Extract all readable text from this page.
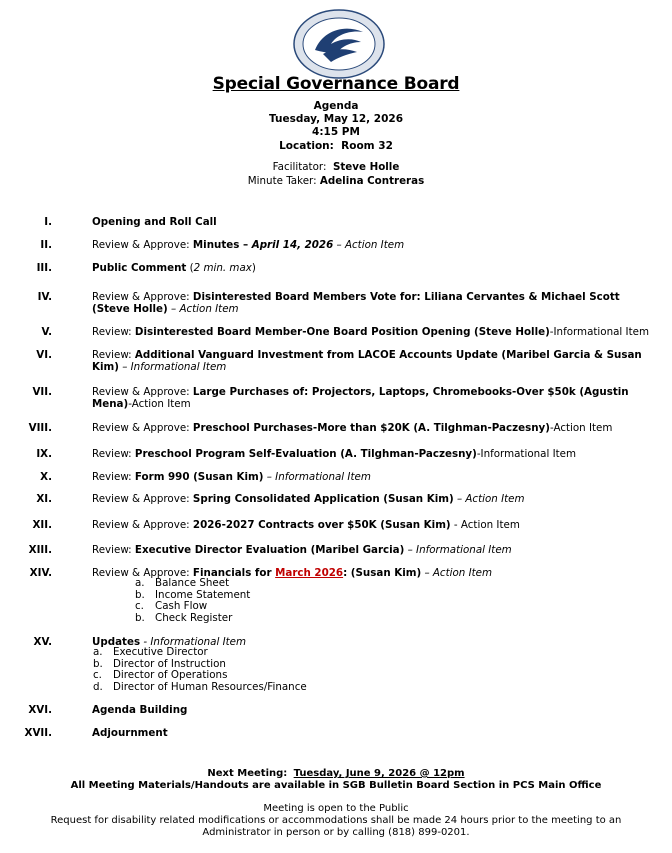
Special Governance Board
Agenda
Tuesday, May 12, 2026
4:15 PM
Location: Room 32
Facilitator: Steve Holle
Minute Taker: Adelina Contreras
I.	Opening and Roll Call
II.	Review & Approve: Minutes – April 14, 2026 – Action Item
III.	Public Comment (2 min. max)
IV.	Review & Approve: Disinterested Board Members Vote for: Liliana Cervantes & Michael Scott (Steve Holle) – Action Item
V.	Review: Disinterested Board Member-One Board Position Opening (Steve Holle)-Informational Item
VI.	Review: Additional Vanguard Investment from LACOE Accounts Update (Maribel Garcia & Susan Kim) – Informational Item
VII.	Review & Approve: Large Purchases of: Projectors, Laptops, Chromebooks-Over $50k (Agustin Mena)-Action Item
VIII.	Review & Approve: Preschool Purchases-More than $20K (A. Tilghman-Paczesny)-Action Item
IX.	Review: Preschool Program Self-Evaluation (A. Tilghman-Paczesny)-Informational Item
X.	Review: Form 990 (Susan Kim) – Informational Item
XI.	Review & Approve: Spring Consolidated Application (Susan Kim) – Action Item
XII.	Review & Approve: 2026-2027 Contracts over $50K (Susan Kim) - Action Item
XIII.	Review: Executive Director Evaluation (Maribel Garcia) – Informational Item
XIV.	Review & Approve: Financials for March 2026: (Susan Kim) – Action Item
a. Balance Sheet
b. Income Statement
c. Cash Flow
b. Check Register
XV.	Updates - Informational Item
a. Executive Director
b. Director of Instruction
c. Director of Operations
d. Director of Human Resources/Finance
XVI.	Agenda Building
XVII.	Adjournment
Next Meeting: Tuesday, June 9, 2026 @ 12pm
All Meeting Materials/Handouts are available in SGB Bulletin Board Section in PCS Main Office
Meeting is open to the Public
Request for disability related modifications or accommodations shall be made 24 hours prior to the meeting to an Administrator in person or by calling (818) 899-0201.
